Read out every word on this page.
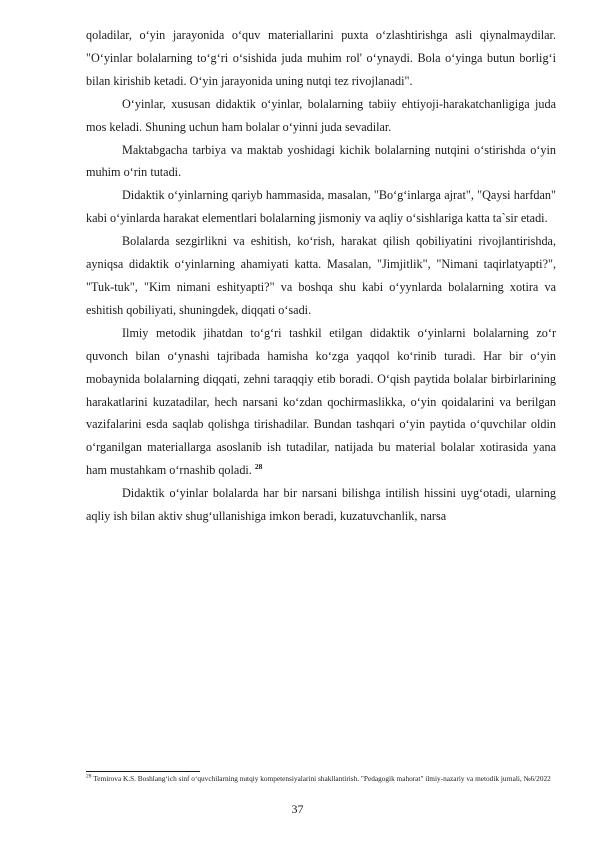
qoladilar, o‘yin jarayonida o‘quv materiallarini puxta o‘zlashtirishga asli qiynalmaydilar. "O‘yinlar bolalarning to‘g‘ri o‘sishida juda muhim rol' o‘ynaydi. Bola o‘yinga butun borlig‘i bilan kirishib ketadi. O‘yin jarayonida uning nutqi tez rivojlanadi".

O‘yinlar, xususan didaktik o‘yinlar, bolalarning tabiiy ehtiyoji-harakatchanligiga juda mos keladi. Shuning uchun ham bolalar o‘yinni juda sevadilar.

Maktabgacha tarbiya va maktab yoshidagi kichik bolalarning nutqini o‘stirishda o‘yin muhim o‘rin tutadi.

Didaktik o‘yinlarning qariyb hammasida, masalan, "Bo‘g‘inlarga ajrat", "Qaysi harfdan" kabi o‘yinlarda harakat elementlari bolalarning jismoniy va aqliy o‘sishlariga katta ta`sir etadi.

Bolalarda sezgirlikni va eshitish, ko‘rish, harakat qilish qobiliyatini rivojlantirishda, ayniqsa didaktik o‘yinlarning ahamiyati katta. Masalan, "Jimjitlik", "Nimani taqirlatyapti?", "Tuk-tuk", "Kim nimani eshityapti?" va boshqa shu kabi o‘yynlarda bolalarning xotira va eshitish qobiliyati, shuningdek, diqqati o‘sadi.

Ilmiy metodik jihatdan to‘g‘ri tashkil etilgan didaktik o‘yinlarni bolalarning zo‘r quvonch bilan o‘ynashi tajribada hamisha ko‘zga yaqqol ko‘rinib turadi. Har bir o‘yin mobaynida bolalarning diqqati, zehni taraqqiy etib boradi. O‘qish paytida bolalar birbirlarining harakatlarini kuzatadilar, hech narsani ko‘zdan qochirmaslikka, o‘yin qoidalarini va berilgan vazifalarini esda saqlab qolishga tirishadilar. Bundan tashqari o‘yin paytida o‘quvchilar oldin o‘rganilgan materiallarga asoslanib ish tutadilar, natijada bu material bolalar xotirasida yana ham mustahkam o‘rnashib qoladi. $^{28}$

Didaktik o‘yinlar bolalarda har bir narsani bilishga intilish hissini uyg‘otadi, ularning aqliy ish bilan aktiv shug‘ullanishiga imkon beradi, kuzatuvchanlik, narsa

$^{28}$ Temirova K.S. Boshlang‘ich sinf o‘quvchilarning nutqiy kompetensiyalarini shakllantirish. "Pedagogik mahorat" ilmiy-nazariy va metodik jurnali, №6/2022

37
